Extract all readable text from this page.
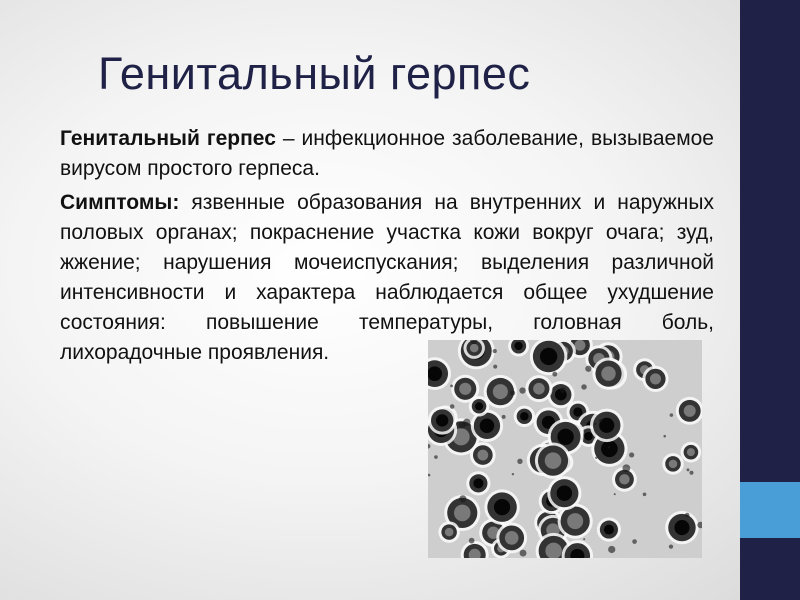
Генитальный герпес

Генитальный герпес – инфекционное заболевание, вызываемое вирусом простого герпеса.

Симптомы: язвенные образования на внутренних и наружных половых органах; покраснение участка кожи вокруг очага; зуд, жжение; нарушения мочеиспускания; выделения различной интенсивности и характера наблюдается общее ухудшение состояния: повышение температуры, головная боль, лихорадочные проявления.
